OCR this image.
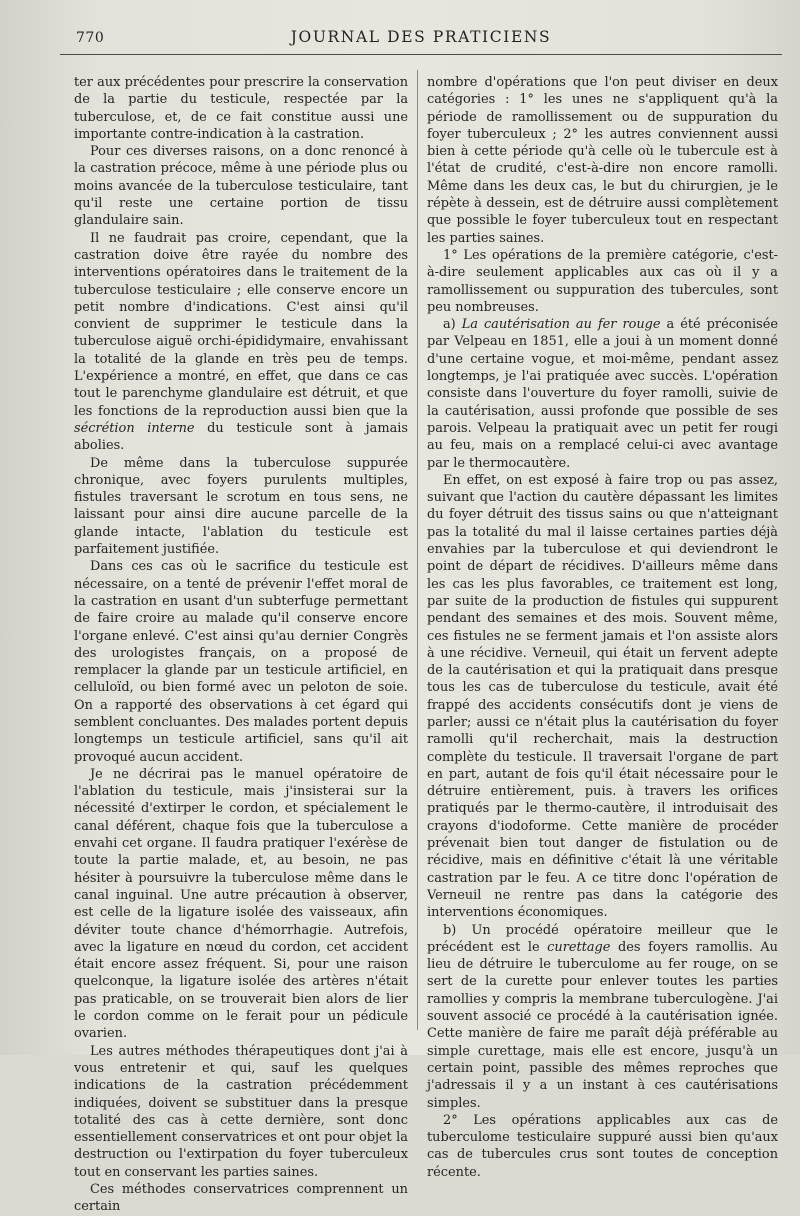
770	JOURNAL DES PRATICIENS

ter aux précédentes pour prescrire la conservation de la partie du testicule, respectée par la tuberculose, et, de ce fait constitue aussi une importante contre-indication à la castration.

Pour ces diverses raisons, on a donc renoncé à la castration précoce, même à une période plus ou moins avancée de la tuberculose testiculaire, tant qu'il reste une certaine portion de tissu glandulaire sain.

Il ne faudrait pas croire, cependant, que la castration doive être rayée du nombre des interventions opératoires dans le traitement de la tuberculose testiculaire ; elle conserve encore un petit nombre d'indications. C'est ainsi qu'il convient de supprimer le testicule dans la tuberculose aiguë orchi-épididymaire, envahissant la totalité de la glande en très peu de temps. L'expérience a montré, en effet, que dans ce cas tout le parenchyme glandulaire est détruit, et que les fonctions de la reproduction aussi bien que la sécrétion interne du testicule sont à jamais abolies.

De même dans la tuberculose suppurée chronique, avec foyers purulents multiples, fistules traversant le scrotum en tous sens, ne laissant pour ainsi dire aucune parcelle de la glande intacte, l'ablation du testicule est parfaitement justifiée.

Dans ces cas où le sacrifice du testicule est nécessaire, on a tenté de prévenir l'effet moral de la castration en usant d'un subterfuge permettant de faire croire au malade qu'il conserve encore l'organe enlevé. C'est ainsi qu'au dernier Congrès des urologistes français, on a proposé de remplacer la glande par un testicule artificiel, en celluloïd, ou bien formé avec un peloton de soie. On a rapporté des observations à cet égard qui semblent concluantes. Des malades portent depuis longtemps un testicule artificiel, sans qu'il ait provoqué aucun accident.

Je ne décrirai pas le manuel opératoire de l'ablation du testicule, mais j'insisterai sur la nécessité d'extirper le cordon, et spécialement le canal déférent, chaque fois que la tuberculose a envahi cet organe. Il faudra pratiquer l'exérèse de toute la partie malade, et, au besoin, ne pas hésiter à poursuivre la tuberculose même dans le canal inguinal. Une autre précaution à observer, est celle de la ligature isolée des vaisseaux, afin déviter toute chance d'hémorrhagie. Autrefois, avec la ligature en nœud du cordon, cet accident était encore assez fréquent. Si, pour une raison quelconque, la ligature isolée des artères n'était pas praticable, on se trouverait bien alors de lier le cordon comme on le ferait pour un pédicule ovarien.

Les autres méthodes thérapeutiques dont j'ai à vous entretenir et qui, sauf les quelques indications de la castration précédemment indiquées, doivent se substituer dans la presque totalité des cas à cette dernière, sont donc essentiellement conservatrices et ont pour objet la destruction ou l'extirpation du foyer tuberculeux tout en conservant les parties saines.

Ces méthodes conservatrices comprennent un certain

nombre d'opérations que l'on peut diviser en deux catégories : 1° les unes ne s'appliquent qu'à la période de ramollissement ou de suppuration du foyer tuberculeux ; 2° les autres conviennent aussi bien à cette période qu'à celle où le tubercule est à l'état de crudité, c'est-à-dire non encore ramolli. Même dans les deux cas, le but du chirurgien, je le répète à dessein, est de détruire aussi complètement que possible le foyer tuberculeux tout en respectant les parties saines.

1° Les opérations de la première catégorie, c'est-à-dire seulement applicables aux cas où il y a ramollissement ou suppuration des tubercules, sont peu nombreuses.

a) La cautérisation au fer rouge a été préconisée par Velpeau en 1851, elle a joui à un moment donné d'une certaine vogue, et moi-même, pendant assez longtemps, je l'ai pratiquée avec succès. L'opération consiste dans l'ouverture du foyer ramolli, suivie de la cautérisation, aussi profonde que possible de ses parois. Velpeau la pratiquait avec un petit fer rougi au feu, mais on a remplacé celui-ci avec avantage par le thermocautère.

En effet, on est exposé à faire trop ou pas assez, suivant que l'action du cautère dépassant les limites du foyer détruit des tissus sains ou que n'atteignant pas la totalité du mal il laisse certaines parties déjà envahies par la tuberculose et qui deviendront le point de départ de récidives. D'ailleurs même dans les cas les plus favorables, ce traitement est long, par suite de la production de fistules qui suppurent pendant des semaines et des mois. Souvent même, ces fistules ne se ferment jamais et l'on assiste alors à une récidive. Verneuil, qui était un fervent adepte de la cautérisation et qui la pratiquait dans presque tous les cas de tuberculose du testicule, avait été frappé des accidents consécutifs dont je viens de parler; aussi ce n'était plus la cautérisation du foyer ramolli qu'il recherchait, mais la destruction complète du testicule. Il traversait l'organe de part en part, autant de fois qu'il était nécessaire pour le détruire entièrement, puis. à travers les orifices pratiqués par le thermo-cautère, il introduisait des crayons d'iodoforme. Cette manière de procéder prévenait bien tout danger de fistulation ou de récidive, mais en définitive c'était là une véritable castration par le feu. A ce titre donc l'opération de Verneuil ne rentre pas dans la catégorie des interventions économiques.

b) Un procédé opératoire meilleur que le précédent est le curettage des foyers ramollis. Au lieu de détruire le tuberculome au fer rouge, on se sert de la curette pour enlever toutes les parties ramollies y compris la membrane tuberculogène. J'ai souvent associé ce procédé à la cautérisation ignée. Cette manière de faire me paraît déjà préférable au simple curettage, mais elle est encore, jusqu'à un certain point, passible des mêmes reproches que j'adressais il y a un instant à ces cautérisations simples.

2° Les opérations applicables aux cas de tuberculome testiculaire suppuré aussi bien qu'aux cas de tubercules crus sont toutes de conception récente.
